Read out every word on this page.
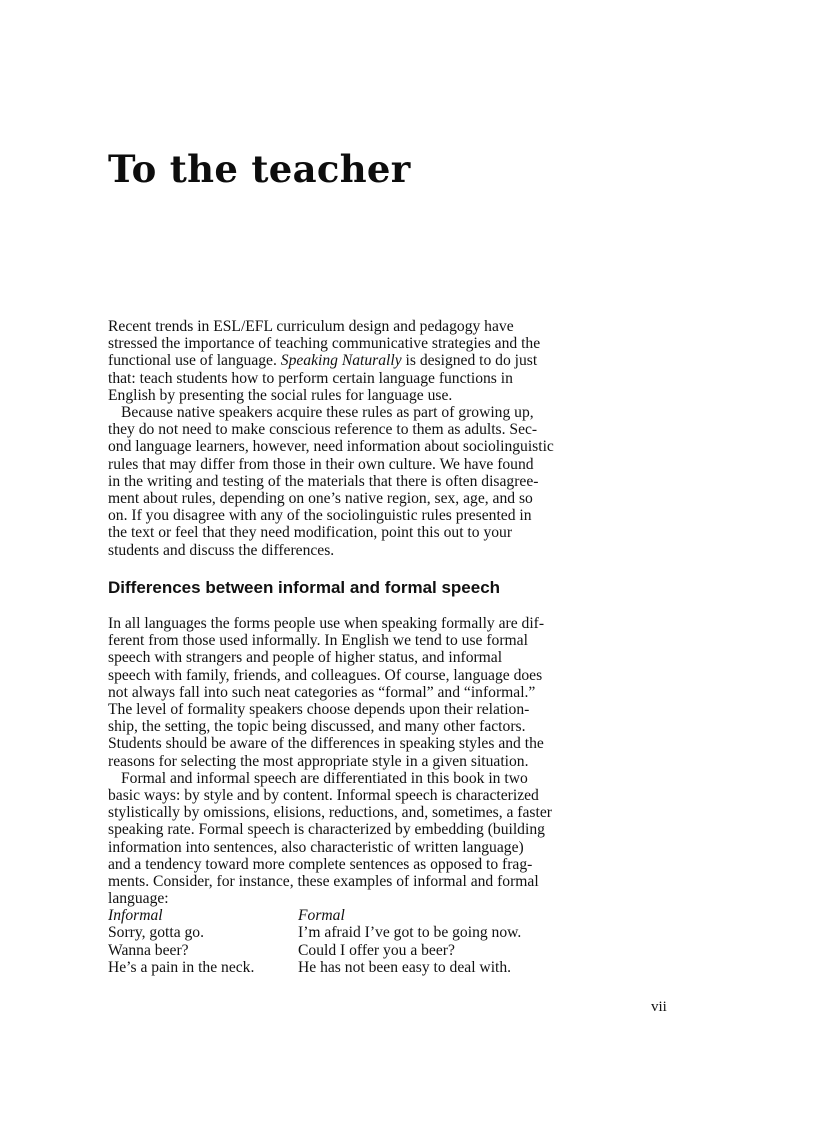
To the teacher

Recent trends in ESL/EFL curriculum design and pedagogy have
stressed the importance of teaching communicative strategies and the
functional use of language. Speaking Naturally is designed to do just
that: teach students how to perform certain language functions in
English by presenting the social rules for language use.

Because native speakers acquire these rules as part of growing up,
they do not need to make conscious reference to them as adults. Sec-
ond language learners, however, need information about sociolinguistic
rules that may differ from those in their own culture. We have found
in the writing and testing of the materials that there is often disagree-
ment about rules, depending on one’s native region, sex, age, and so
on. If you disagree with any of the sociolinguistic rules presented in
the text or feel that they need modification, point this out to your
students and discuss the differences.

Differences between informal and formal speech

In all languages the forms people use when speaking formally are dif-
ferent from those used informally. In English we tend to use formal
speech with strangers and people of higher status, and informal
speech with family, friends, and colleagues. Of course, language does
not always fall into such neat categories as “formal” and “informal.”
The level of formality speakers choose depends upon their relation-
ship, the setting, the topic being discussed, and many other factors.
Students should be aware of the differences in speaking styles and the
reasons for selecting the most appropriate style in a given situation.

Formal and informal speech are differentiated in this book in two
basic ways: by style and by content. Informal speech is characterized
stylistically by omissions, elisions, reductions, and, sometimes, a faster
speaking rate. Formal speech is characterized by embedding (building
information into sentences, also characteristic of written language)
and a tendency toward more complete sentences as opposed to frag-
ments. Consider, for instance, these examples of informal and formal
language:

Informal
Sorry, gotta go.
Wanna beer?
He’s a pain in the neck.
Formal
I’m afraid I’ve got to be going now.
Could I offer you a beer?
He has not been easy to deal with.
vii
